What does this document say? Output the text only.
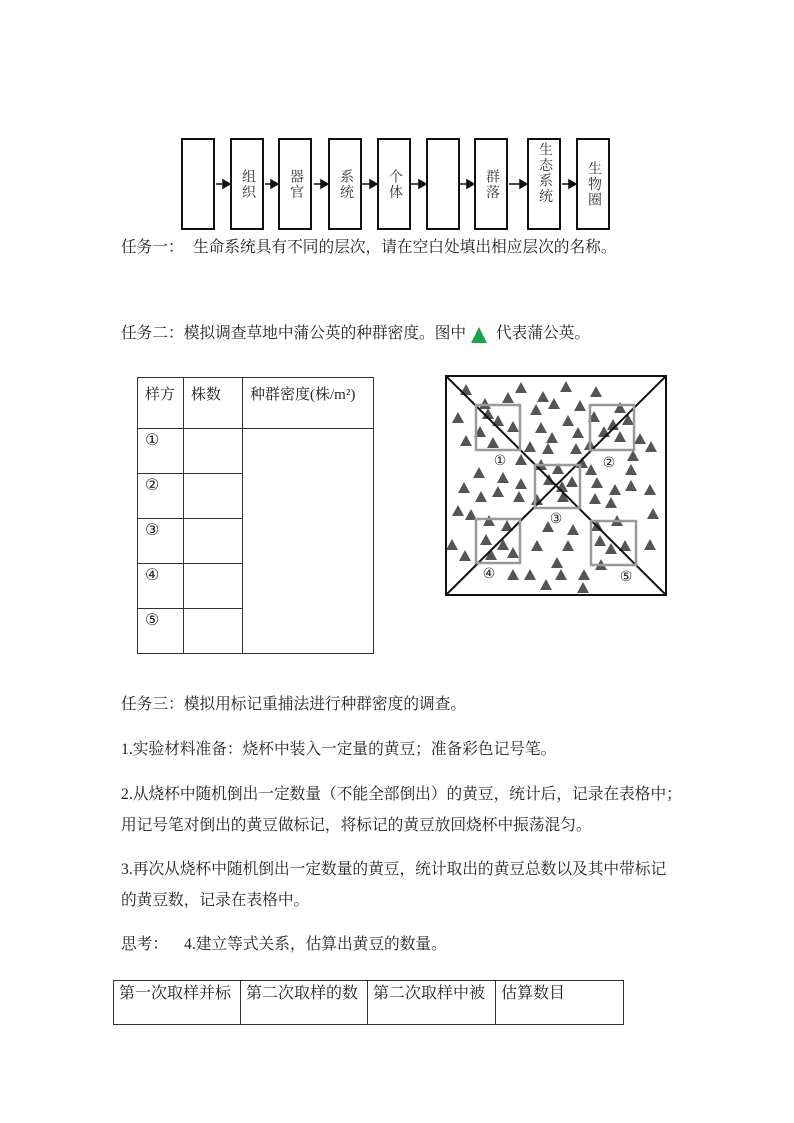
组织 器官	系统 个体	群落	生态系统 生物圈
任务一： 生命系统具有不同的层次，请在空白处填出相应层次的名称。
任务二：模拟调查草地中蒲公英的种群密度。图中 代表蒲公英。
样方	株数	种群密度(株/m²)
①		
②		
③		
④		
⑤		
①	②
③
④	⑤
任务三：模拟用标记重捕法进行种群密度的调查。
1.实验材料准备：烧杯中装入一定量的黄豆；准备彩色记号笔。
2.从烧杯中随机倒出一定数量（不能全部倒出）的黄豆，统计后，记录在表格中；
用记号笔对倒出的黄豆做标记，将标记的黄豆放回烧杯中振荡混匀。
3.再次从烧杯中随机倒出一定数量的黄豆，统计取出的黄豆总数以及其中带标记
的黄豆数，记录在表格中。
思考： 4.建立等式关系，估算出黄豆的数量。
第一次取样并标	第二次取样的数	第二次取样中被	估算数目
